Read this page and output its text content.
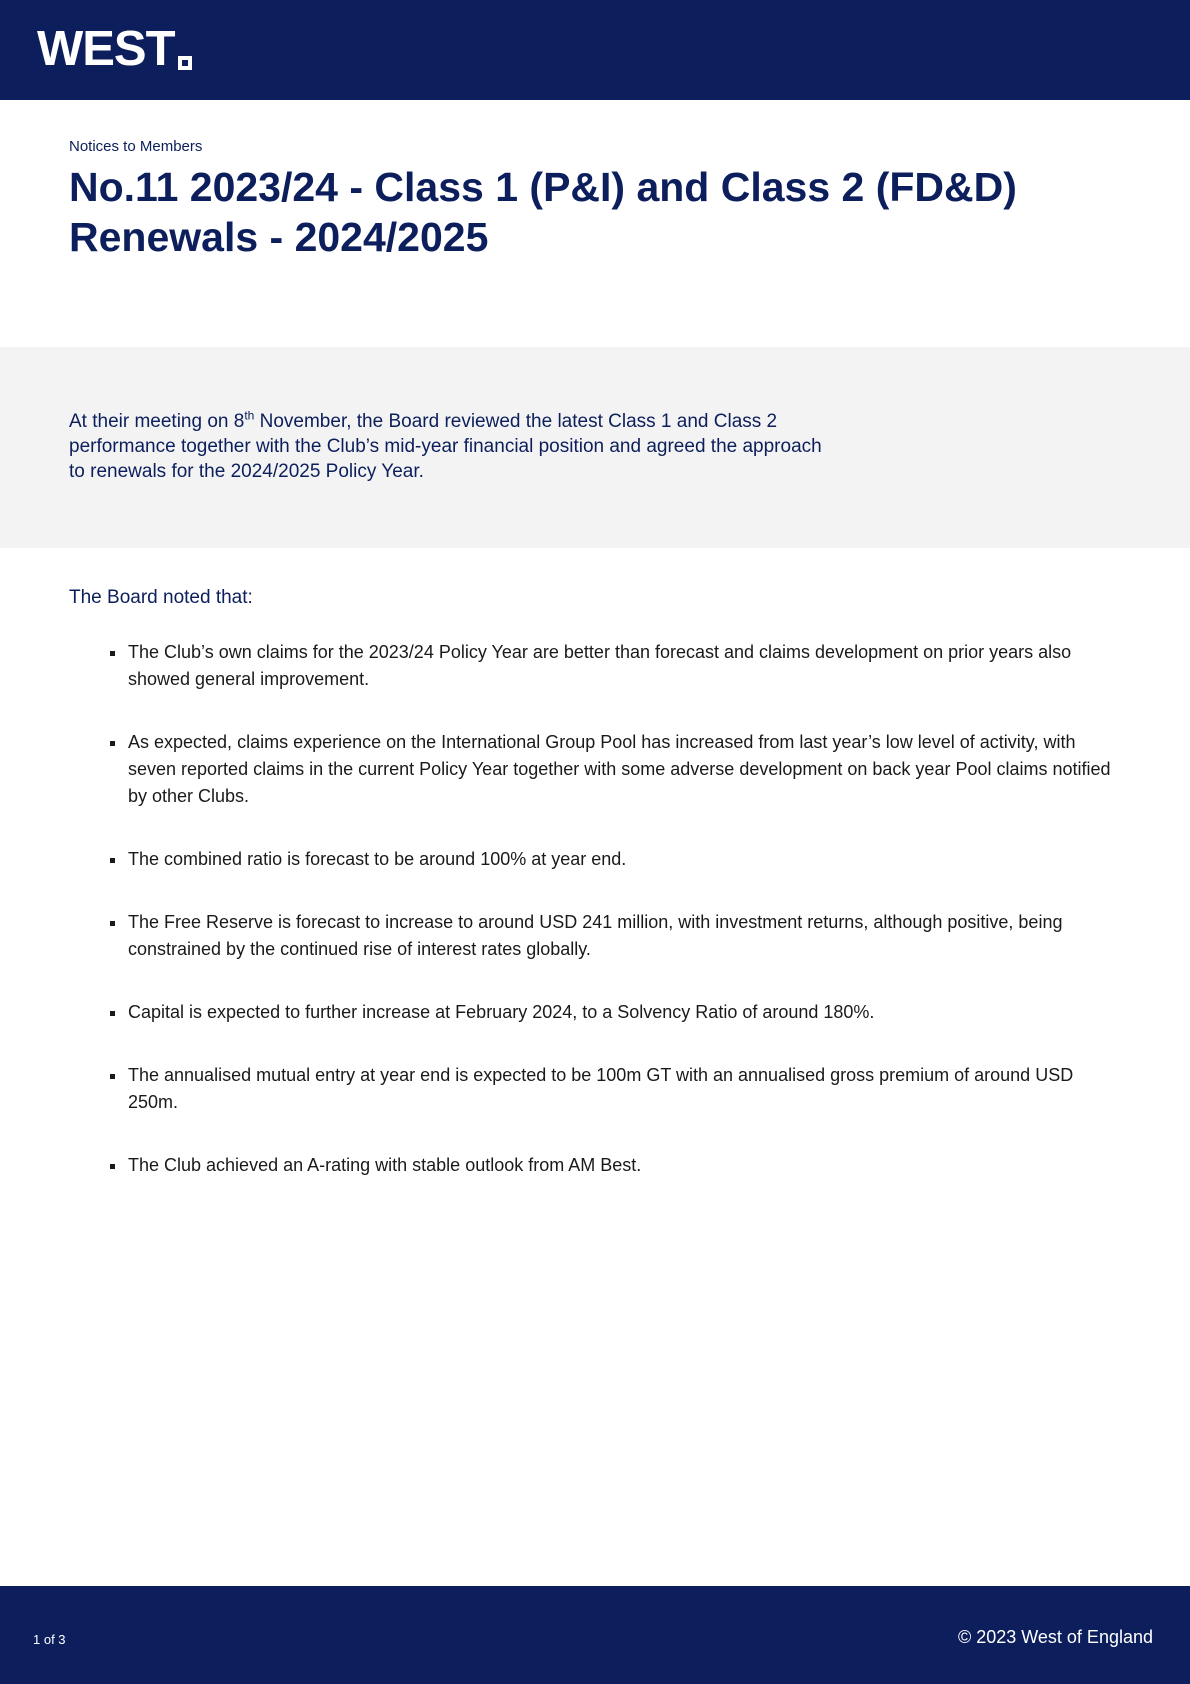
WEST
Notices to Members
No.11 2023/24 - Class 1 (P&I) and Class 2 (FD&D)
Renewals - 2024/2025

At their meeting on 8th November, the Board reviewed the latest Class 1 and Class 2 performance together with the Club’s mid-year financial position and agreed the approach to renewals for the 2024/2025 Policy Year.

The Board noted that:
The Club’s own claims for the 2023/24 Policy Year are better than forecast and claims development on prior years also showed general improvement.
As expected, claims experience on the International Group Pool has increased from last year’s low level of activity, with seven reported claims in the current Policy Year together with some adverse development on back year Pool claims notified by other Clubs.
The combined ratio is forecast to be around 100% at year end.
The Free Reserve is forecast to increase to around USD 241 million, with investment returns, although positive, being constrained by the continued rise of interest rates globally.
Capital is expected to further increase at February 2024, to a Solvency Ratio of around 180%.
The annualised mutual entry at year end is expected to be 100m GT with an annualised gross premium of around USD 250m.
The Club achieved an A-rating with stable outlook from AM Best.
1 of 3	© 2023 West of England
